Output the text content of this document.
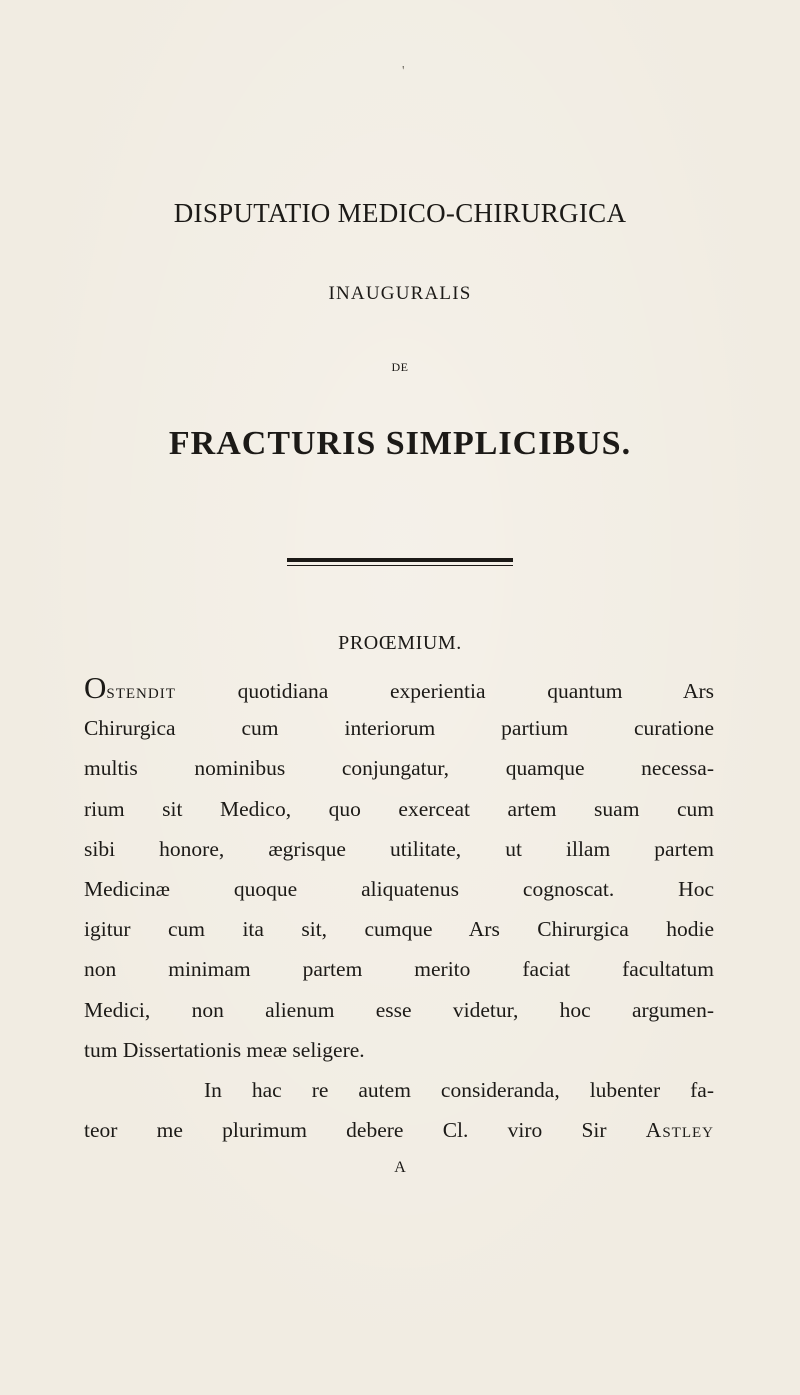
'
DISPUTATIO MEDICO-CHIRURGICA
INAUGURALIS
DE
FRACTURIS SIMPLICIBUS.
PROŒMIUM.
Ostendit	quotidiana experientia quantum Ars
Chirurgica cum interiorum partium curatione
multis nominibus conjungatur, quamque necessa-
rium sit Medico, quo exerceat artem suam cum
sibi honore, ægrisque utilitate, ut illam partem
Medicinæ quoque aliquatenus cognoscat. Hoc
igitur cum ita sit, cumque Ars Chirurgica hodie
non minimam partem merito faciat facultatum
Medici, non alienum esse videtur, hoc argumen-
tum Dissertationis meæ seligere.
In hac re autem consideranda, lubenter fa-
teor me plurimum debere Cl. viro Sir Astley
A
